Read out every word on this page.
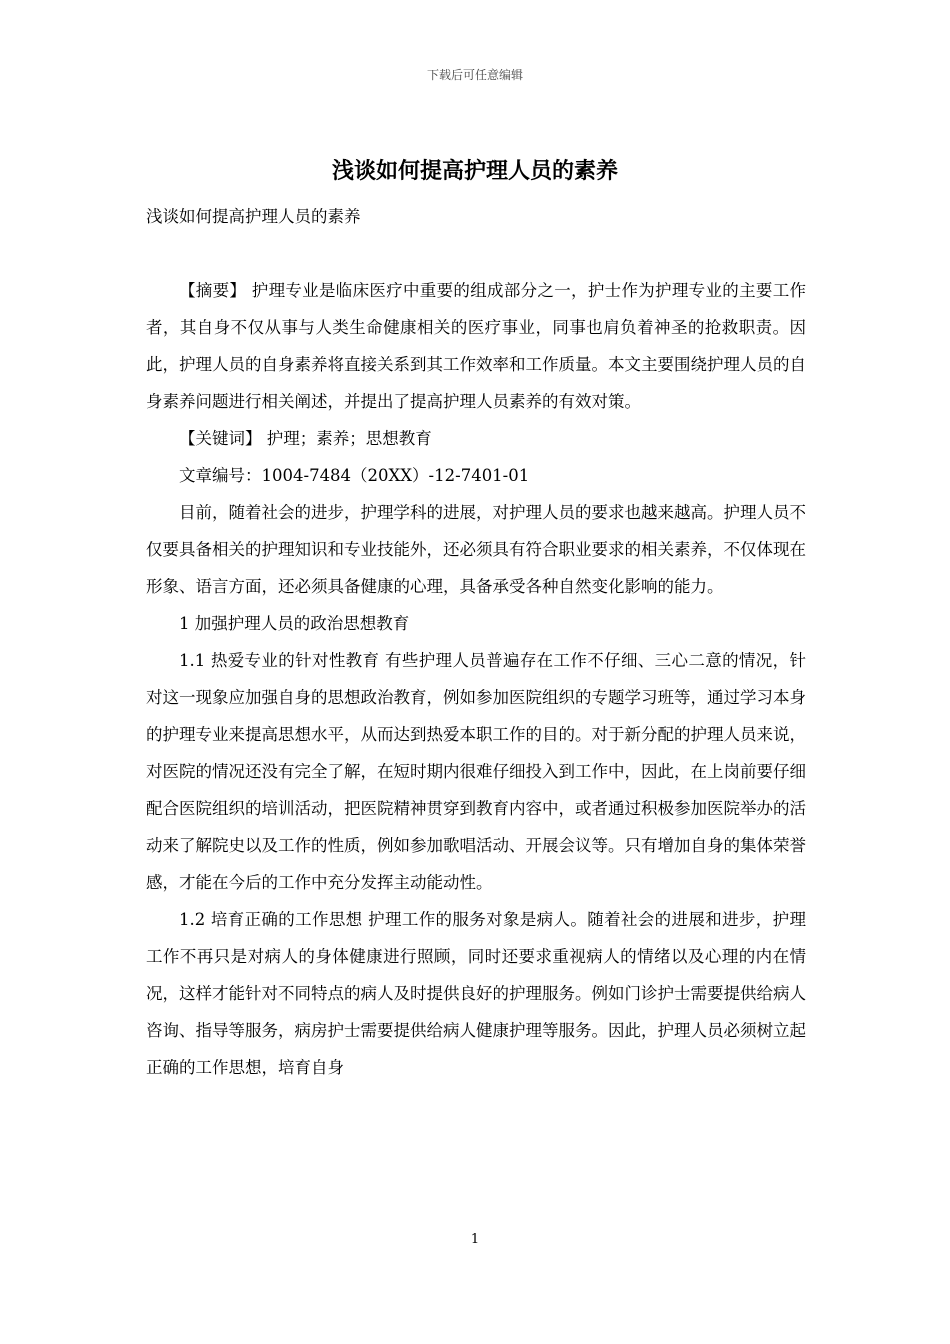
下载后可任意编辑
浅谈如何提高护理人员的素养

浅谈如何提高护理人员的素养

【摘要】 护理专业是临床医疗中重要的组成部分之一，护士作为护理专业的主要工作者，其自身不仅从事与人类生命健康相关的医疗事业，同事也肩负着神圣的抢救职责。因此，护理人员的自身素养将直接关系到其工作效率和工作质量。本文主要围绕护理人员的自身素养问题进行相关阐述，并提出了提高护理人员素养的有效对策。

【关键词】 护理；素养；思想教育

文章编号：1004-7484（20XX）-12-7401-01

目前，随着社会的进步，护理学科的进展，对护理人员的要求也越来越高。护理人员不仅要具备相关的护理知识和专业技能外，还必须具有符合职业要求的相关素养，不仅体现在形象、语言方面，还必须具备健康的心理，具备承受各种自然变化影响的能力。

1 加强护理人员的政治思想教育

1.1 热爱专业的针对性教育 有些护理人员普遍存在工作不仔细、三心二意的情况，针对这一现象应加强自身的思想政治教育，例如参加医院组织的专题学习班等，通过学习本身的护理专业来提高思想水平，从而达到热爱本职工作的目的。对于新分配的护理人员来说，对医院的情况还没有完全了解，在短时期内很难仔细投入到工作中，因此，在上岗前要仔细配合医院组织的培训活动，把医院精神贯穿到教育内容中，或者通过积极参加医院举办的活动来了解院史以及工作的性质，例如参加歌唱活动、开展会议等。只有增加自身的集体荣誉感，才能在今后的工作中充分发挥主动能动性。

1.2 培育正确的工作思想 护理工作的服务对象是病人。随着社会的进展和进步，护理工作不再只是对病人的身体健康进行照顾，同时还要求重视病人的情绪以及心理的内在情况，这样才能针对不同特点的病人及时提供良好的护理服务。例如门诊护士需要提供给病人咨询、指导等服务，病房护士需要提供给病人健康护理等服务。因此，护理人员必须树立起正确的工作思想，培育自身

1
